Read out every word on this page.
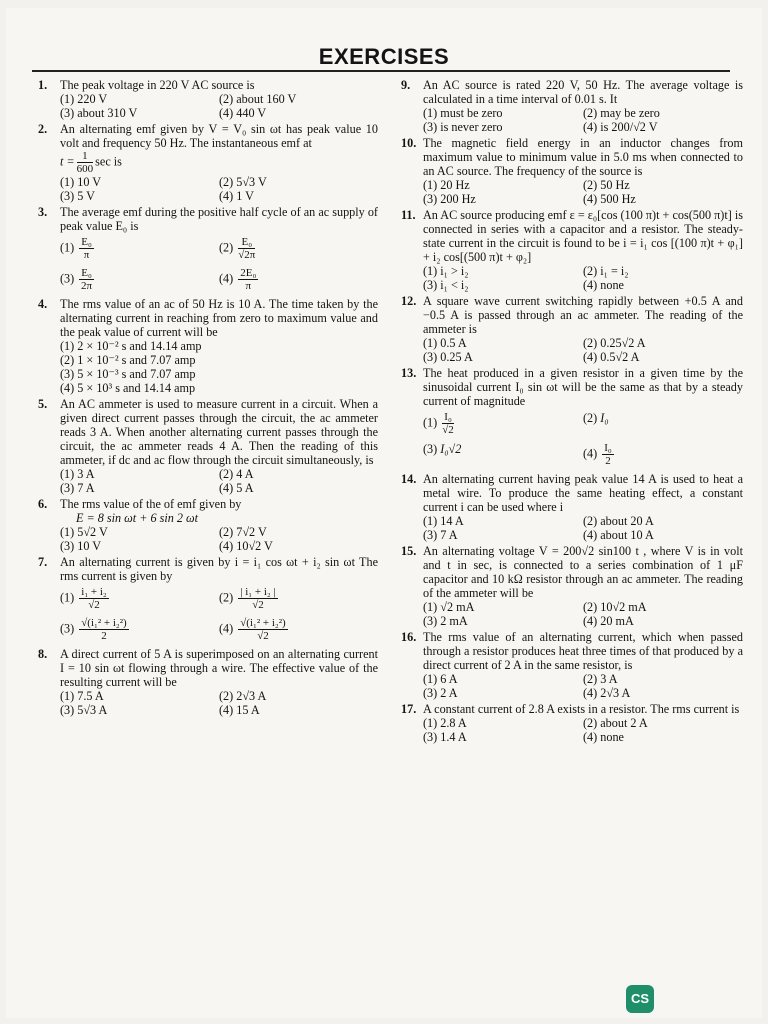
EXERCISES
1. The peak voltage in 220 V AC source is
(1) 220 V	(2) about 160 V
(3) about 310 V	(4) 440 V
2. An alternating emf given by V = V₀ sin ωt has peak value 10 volt and frequency 50 Hz. The instantaneous emf at
$t = \frac{1}{600}$ sec is
(1) 10 V	(2) 5√3 V
(3) 5 V	(4) 1 V
3. The average emf during the positive half cycle of an ac supply of peak value E₀ is
$(1) \frac{\text{E₀}}{\pi}$	$(2) \frac{\text{E₀}}{√2\pi}$
$(3) \frac{\text{E₀}}{2\pi}$	$(4) \frac{\text{2E₀}}{\pi}$
4. The rms value of an ac of 50 Hz is 10 A. The time taken by the alternating current in reaching from zero to maximum value and the peak value of current will be
(1) 2 × 10⁻² s and 14.14 amp
(2) 1 × 10⁻² s and 7.07 amp
(3) 5 × 10⁻³ s and 7.07 amp
(4) 5 × 10³ s and 14.14 amp
5. An AC ammeter is used to measure current in a circuit. When a given direct current passes through the circuit, the ac ammeter reads 3 A. When another alternating current passes through the circuit, the ac ammeter reads 4 A. Then the reading of this ammeter, if dc and ac flow through the circuit simultaneously, is
(1) 3 A	(2) 4 A
(3) 7 A	(4) 5 A
6. The rms value of the of emf given by
E = 8 sin ωt + 6 sin 2 ωt
(1) 5√2 V	(2) 7√2 V
(3) 10 V	(4) 10√2 V
7. An alternating current is given by i = i₁ cos ωt + i₂ sin ωt The rms current is given by
$(1) \frac{\text{i₁ + i₂}}{√2}$	$(2) \frac{\text{| i₁ + i₂ |}}{√2}$
$(3) \frac{\text{√(i₁² + i₂²)}}{2}$	$(4) \frac{\text{√(i₁² + i₂²)}}{√2}$
8. A direct current of 5 A is superimposed on an alternating current I = 10 sin ωt flowing through a wire. The effective value of the resulting current will be
(1) 7.5 A	(2) 2√3 A
(3) 5√3 A	(4) 15 A
9. An AC source is rated 220 V, 50 Hz. The average voltage is calculated in a time interval of 0.01 s. It
(1) must be zero	(2) may be zero
(3) is never zero	(4) is 200/√2 V
10. The magnetic field energy in an inductor changes from maximum value to minimum value in 5.0 ms when connected to an AC source. The frequency of the source is
(1) 20 Hz	(2) 50 Hz
(3) 200 Hz	(4) 500 Hz
11. An AC source producing emf ε = ε₀[cos (100 π)t + cos(500 π)t] is connected in series with a capacitor and a resistor. The steady-state current in the circuit is found to be i = i₁ cos [(100 π)t + φ₁] + i₂ cos[(500 π)t + φ₂]
(1) i₁ > i₂	(2) i₁ = i₂
(3) i₁ < i₂	(4) none
12. A square wave current switching rapidly between +0.5 A and −0.5 A is passed through an ac ammeter. The reading of the ammeter is
(1) 0.5 A	(2) 0.25√2 A
(3) 0.25 A	(4) 0.5√2 A
13. The heat produced in a given resistor in a given time by the sinusoidal current I₀ sin ωt will be the same as that by a steady current of magnitude
$(1) \frac{\text{I₀}}{√2}$	(2) I₀
(3) I₀√2	$(4) \frac{\text{I₀}}{2}$
14. An alternating current having peak value 14 A is used to heat a metal wire. To produce the same heating effect, a constant current i can be used where i
(1) 14 A	(2) about 20 A
(3) 7 A	(4) about 10 A
15. An alternating voltage V = 200√2 sin100 t , where V is in volt and t in sec, is connected to a series combination of 1 μF capacitor and 10 kΩ resistor through an ac ammeter. The reading of the ammeter will be
(1) √2 mA	(2) 10√2 mA
(3) 2 mA	(4) 20 mA
16. The rms value of an alternating current, which when passed through a resistor produces heat three times of that produced by a direct current of 2 A in the same resistor, is
(1) 6 A	(2) 3 A
(3) 2 A	(4) 2√3 A
17. A constant current of 2.8 A exists in a resistor. The rms current is
(1) 2.8 A	(2) about 2 A
(3) 1.4 A	(4) none
CS
